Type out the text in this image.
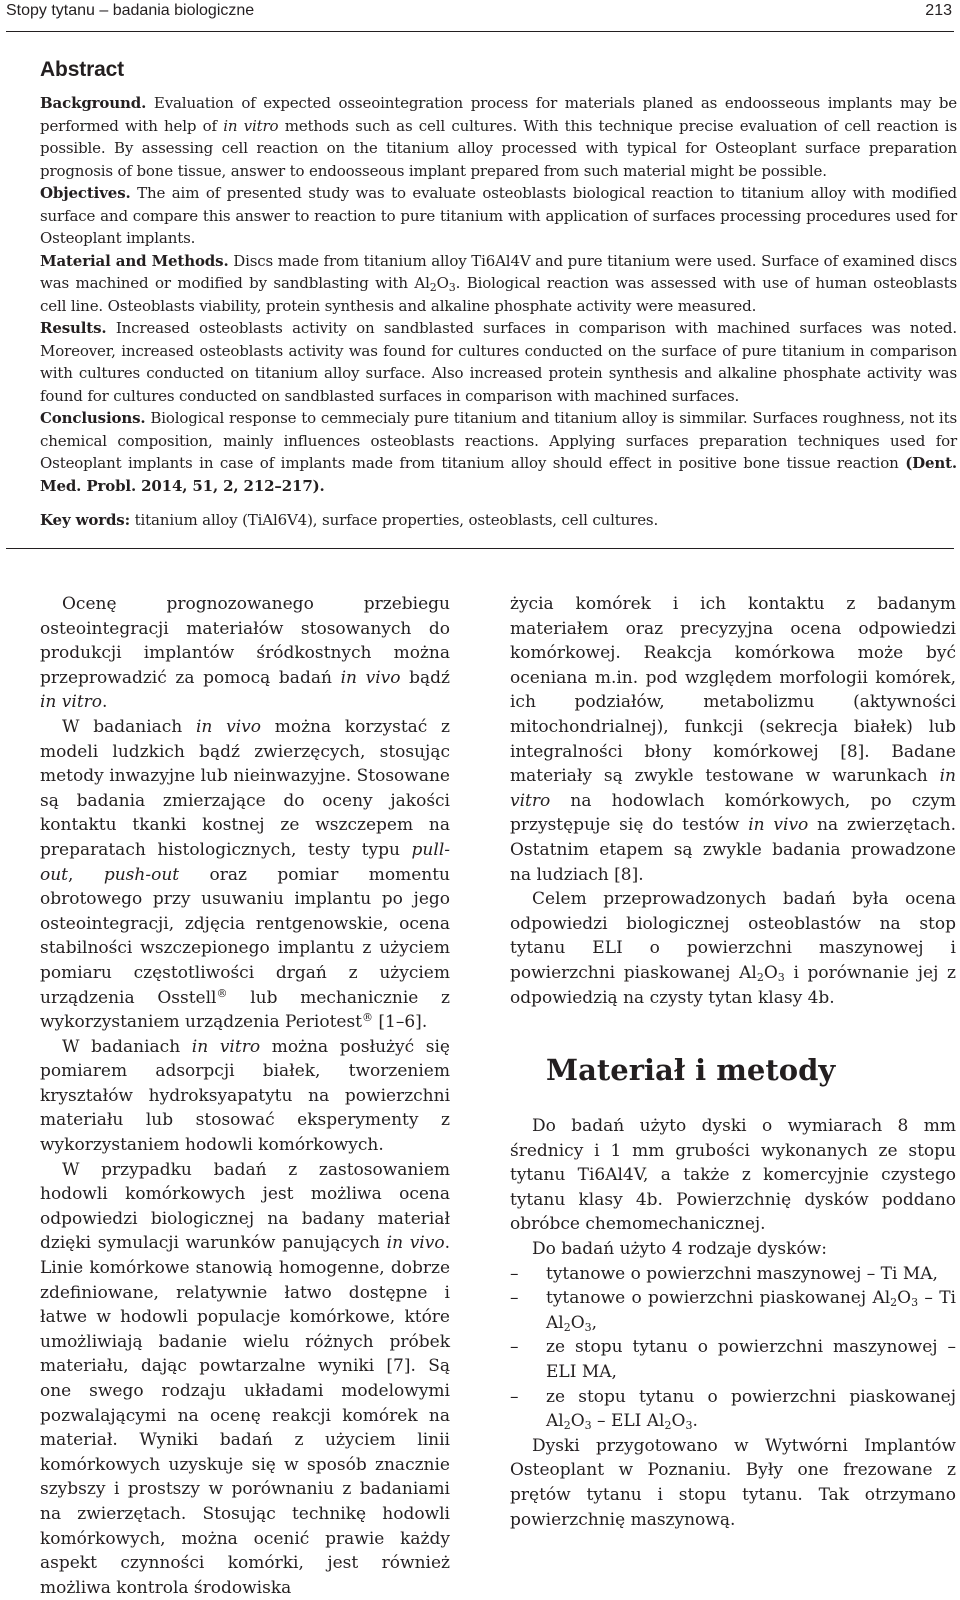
Stopy tytanu – badania biologiczne	213
Abstract

Background. Evaluation of expected osseointegration process for materials planed as endoosseous implants may be performed with help of in vitro methods such as cell cultures. With this technique precise evaluation of cell reaction is possible. By assessing cell reaction on the titanium alloy processed with typical for Osteoplant surface preparation prognosis of bone tissue, answer to endoosseous implant prepared from such material might be possible.
Objectives. The aim of presented study was to evaluate osteoblasts biological reaction to titanium alloy with modified surface and compare this answer to reaction to pure titanium with application of surfaces processing procedures used for Osteoplant implants.
Material and Methods. Discs made from titanium alloy Ti6Al4V and pure titanium were used. Surface of examined discs was machined or modified by sandblasting with $Al_2O_3$. Biological reaction was assessed with use of human osteoblasts cell line. Osteoblasts viability, protein synthesis and alkaline phosphate activity were measured.
Results. Increased osteoblasts activity on sandblasted surfaces in comparison with machined surfaces was noted. Moreover, increased osteoblasts activity was found for cultures conducted on the surface of pure titanium in comparison with cultures conducted on titanium alloy surface. Also increased protein synthesis and alkaline phosphate activity was found for cultures conducted on sandblasted surfaces in comparison with machined surfaces.
Conclusions. Biological response to cemmecialy pure titanium and titanium alloy is simmilar. Surfaces roughness, not its chemical composition, mainly influences osteoblasts reactions. Applying surfaces preparation techniques used for Osteoplant implants in case of implants made from titanium alloy should effect in positive bone tissue reaction (Dent. Med. Probl. 2014, 51, 2, 212–217).

Key words: titanium alloy (TiAl6V4), surface properties, osteoblasts, cell cultures.

Ocenę prognozowanego przebiegu osteointegracji materiałów stosowanych do produkcji implantów śródkostnych można przeprowadzić za pomocą badań in vivo bądź in vitro.

W badaniach in vivo można korzystać z modeli ludzkich bądź zwierzęcych, stosując metody inwazyjne lub nieinwazyjne. Stosowane są badania zmierzające do oceny jakości kontaktu tkanki kostnej ze wszczepem na preparatach histologicznych, testy typu pull-out, push-out oraz pomiar momentu obrotowego przy usuwaniu implantu po jego osteointegracji, zdjęcia rentgenowskie, ocena stabilności wszczepionego implantu z użyciem pomiaru częstotliwości drgań z użyciem urządzenia Osstell® lub mechanicznie z wykorzystaniem urządzenia Periotest® [1–6].

W badaniach in vitro można posłużyć się pomiarem adsorpcji białek, tworzeniem kryształów hydroksyapatytu na powierzchni materiału lub stosować eksperymenty z wykorzystaniem hodowli komórkowych.

W przypadku badań z zastosowaniem hodowli komórkowych jest możliwa ocena odpowiedzi biologicznej na badany materiał dzięki symulacji warunków panujących in vivo. Linie komórkowe stanowią homogenne, dobrze zdefiniowane, relatywnie łatwo dostępne i łatwe w hodowli populacje komórkowe, które umożliwiają badanie wielu różnych próbek materiału, dając powtarzalne wyniki [7]. Są one swego rodzaju układami modelowymi pozwalającymi na ocenę reakcji komórek na materiał. Wyniki badań z użyciem linii komórkowych uzyskuje się w sposób znacznie szybszy i prostszy w porównaniu z badaniami na zwierzętach. Stosując technikę hodowli komórkowych, można ocenić prawie każdy aspekt czynności komórki, jest również możliwa kontrola środowiska

życia komórek i ich kontaktu z badanym materiałem oraz precyzyjna ocena odpowiedzi komórkowej. Reakcja komórkowa może być oceniana m.in. pod względem morfologii komórek, ich podziałów, metabolizmu (aktywności mitochondrialnej), funkcji (sekrecja białek) lub integralności błony komórkowej [8]. Badane materiały są zwykle testowane w warunkach in vitro na hodowlach komórkowych, po czym przystępuje się do testów in vivo na zwierzętach. Ostatnim etapem są zwykle badania prowadzone na ludziach [8].

Celem przeprowadzonych badań była ocena odpowiedzi biologicznej osteoblastów na stop tytanu ELI o powierzchni maszynowej i powierzchni piaskowanej $Al_2O_3$ i porównanie jej z odpowiedzią na czysty tytan klasy 4b.

Materiał i metody

Do badań użyto dyski o wymiarach 8 mm średnicy i 1 mm grubości wykonanych ze stopu tytanu Ti6Al4V, a także z komercyjnie czystego tytanu klasy 4b. Powierzchnię dysków poddano obróbce chemomechanicznej.

Do badań użyto 4 rodzaje dysków:

– tytanowe o powierzchni maszynowej – Ti MA,
– tytanowe o powierzchni piaskowanej $Al_2O_3$ – Ti $Al_2O_3$,
– ze stopu tytanu o powierzchni maszynowej – ELI MA,
– ze stopu tytanu o powierzchni piaskowanej $Al_2O_3$ – ELI $Al_2O_3$.

Dyski przygotowano w Wytwórni Implantów Osteoplant w Poznaniu. Były one frezowane z prętów tytanu i stopu tytanu. Tak otrzymano powierzchnię maszynową.
